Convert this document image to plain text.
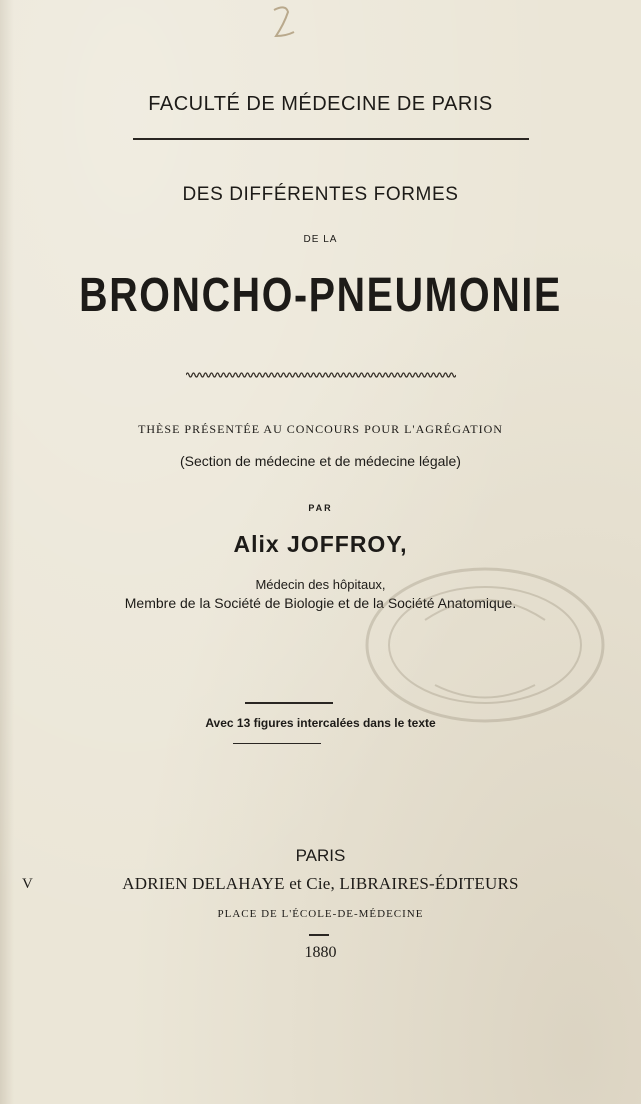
FACULTÉ DE MÉDECINE DE PARIS
DES DIFFÉRENTES FORMES
DE LA
BRONCHO-PNEUMONIE
THÈSE PRÉSENTÉE AU CONCOURS POUR L'AGRÉGATION
(Section de médecine et de médecine légale)
PAR
Alix JOFFROY,
Médecin des hôpitaux,
Membre de la Société de Biologie et de la Société Anatomique.
Avec 13 figures intercalées dans le texte
PARIS
V	ADRIEN DELAHAYE et Cie, LIBRAIRES-ÉDITEURS
PLACE DE L'ÉCOLE-DE-MÉDECINE
1880
